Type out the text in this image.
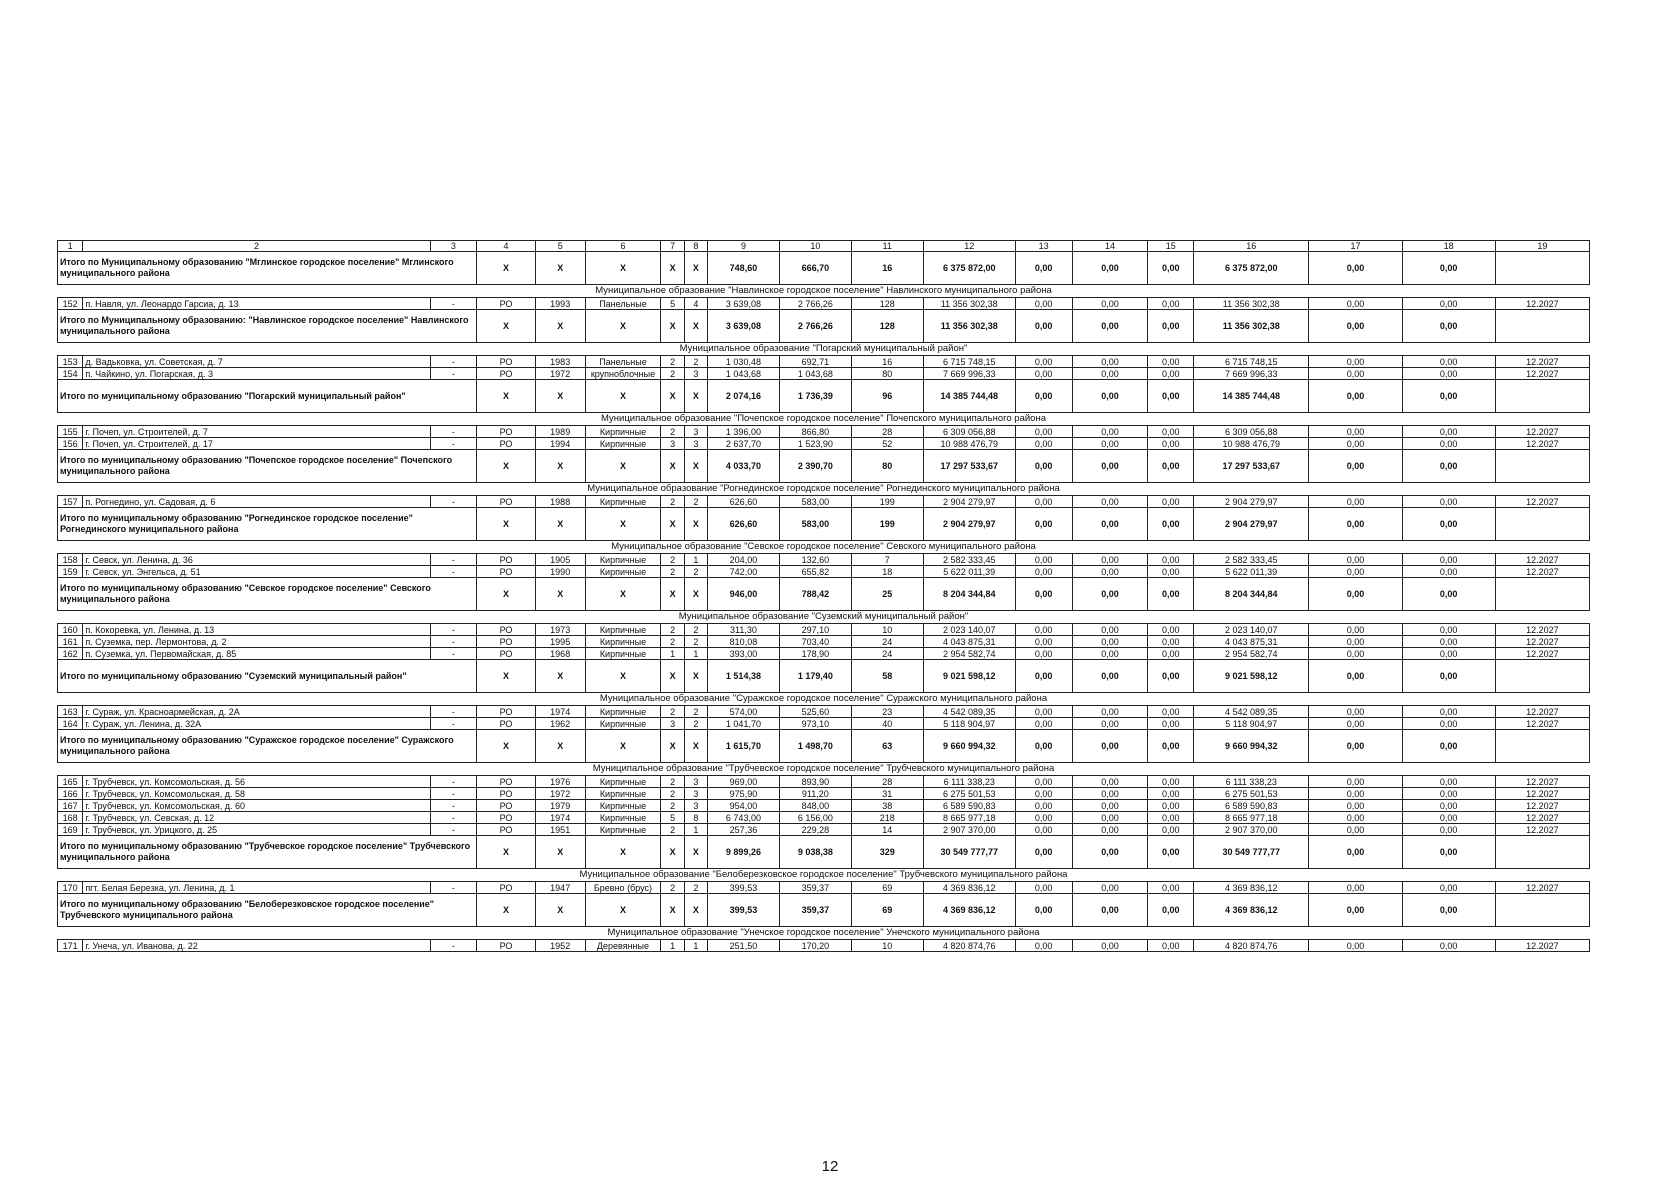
1	2	3	4	5	6	7	8	9	10	11	12	13	14	15	16	17	18	19
Итого по Муниципальному образованию "Мглинское городское поселение" Мглинского муниципального района			X	X	X	X	X	748,60	666,70	16	6 375 872,00	0,00	0,00	0,00	6 375 872,00	0,00	0,00	
Муниципальное образование "Навлинское городское поселение" Навлинского муниципального района																		
152	п. Навля, ул. Леонардо Гарсиа, д. 13	-	РО	1993	Панельные	5	4	3 639,08	2 766,26	128	11 356 302,38	0,00	0,00	0,00	11 356 302,38	0,00	0,00	12.2027
Итого по Муниципальному образованию: "Навлинское городское поселение" Навлинского муниципального района			X	X	X	X	X	3 639,08	2 766,26	128	11 356 302,38	0,00	0,00	0,00	11 356 302,38	0,00	0,00	
Муниципальное образование "Погарский муниципальный район"																		
153	д. Вадьковка, ул. Советская, д. 7	-	РО	1983	Панельные	2	2	1 030,48	692,71	16	6 715 748,15	0,00	0,00	0,00	6 715 748,15	0,00	0,00	12.2027
154	п. Чайкино, ул. Погарская, д. 3	-	РО	1972	крупноблочные	2	3	1 043,68	1 043,68	80	7 669 996,33	0,00	0,00	0,00	7 669 996,33	0,00	0,00	12.2027
Итого по муниципальному образованию "Погарский муниципальный район"			X	X	X	X	X	2 074,16	1 736,39	96	14 385 744,48	0,00	0,00	0,00	14 385 744,48	0,00	0,00	
Муниципальное образование "Почепское городское поселение" Почепского муниципального района																		
155	г. Почеп, ул. Строителей, д. 7	-	РО	1989	Кирпичные	2	3	1 396,00	866,80	28	6 309 056,88	0,00	0,00	0,00	6 309 056,88	0,00	0,00	12.2027
156	г. Почеп, ул. Строителей, д. 17	-	РО	1994	Кирпичные	3	3	2 637,70	1 523,90	52	10 988 476,79	0,00	0,00	0,00	10 988 476,79	0,00	0,00	12.2027
Итого по муниципальному образованию "Почепское городское поселение" Почепского муниципального района			X	X	X	X	X	4 033,70	2 390,70	80	17 297 533,67	0,00	0,00	0,00	17 297 533,67	0,00	0,00	
Муниципальное образование "Рогнединское городское поселение" Рогнединского муниципального района																		
157	п. Рогнедино, ул. Садовая, д. 6	-	РО	1988	Кирпичные	2	2	626,60	583,00	199	2 904 279,97	0,00	0,00	0,00	2 904 279,97	0,00	0,00	12.2027
Итого по муниципальному образованию "Рогнединское городское поселение" Рогнединского муниципального района			X	X	X	X	X	626,60	583,00	199	2 904 279,97	0,00	0,00	0,00	2 904 279,97	0,00	0,00	
Муниципальное образование "Севское городское поселение" Севского муниципального района																		
158	г. Севск, ул. Ленина, д. 36	-	РО	1905	Кирпичные	2	1	204,00	132,60	7	2 582 333,45	0,00	0,00	0,00	2 582 333,45	0,00	0,00	12.2027
159	г. Севск, ул. Энгельса, д. 51	-	РО	1990	Кирпичные	2	2	742,00	655,82	18	5 622 011,39	0,00	0,00	0,00	5 622 011,39	0,00	0,00	12.2027
Итого по муниципальному образованию "Севское городское поселение" Севского муниципального района			X	X	X	X	X	946,00	788,42	25	8 204 344,84	0,00	0,00	0,00	8 204 344,84	0,00	0,00	
Муниципальное образование "Суземский муниципальный район"																		
160	п. Кокоревка, ул. Ленина, д. 13	-	РО	1973	Кирпичные	2	2	311,30	297,10	10	2 023 140,07	0,00	0,00	0,00	2 023 140,07	0,00	0,00	12.2027
161	п. Суземка, пер. Лермонтова, д. 2	-	РО	1995	Кирпичные	2	2	810,08	703,40	24	4 043 875,31	0,00	0,00	0,00	4 043 875,31	0,00	0,00	12.2027
162	п. Суземка, ул. Первомайская, д. 85	-	РО	1968	Кирпичные	1	1	393,00	178,90	24	2 954 582,74	0,00	0,00	0,00	2 954 582,74	0,00	0,00	12.2027
Итого по муниципальному образованию "Суземский муниципальный район"			X	X	X	X	X	1 514,38	1 179,40	58	9 021 598,12	0,00	0,00	0,00	9 021 598,12	0,00	0,00	
Муниципальное образование "Суражское городское поселение" Суражского муниципального района																		
163	г. Сураж, ул. Красноармейская, д. 2А	-	РО	1974	Кирпичные	2	2	574,00	525,60	23	4 542 089,35	0,00	0,00	0,00	4 542 089,35	0,00	0,00	12.2027
164	г. Сураж, ул. Ленина, д. 32А	-	РО	1962	Кирпичные	3	2	1 041,70	973,10	40	5 118 904,97	0,00	0,00	0,00	5 118 904,97	0,00	0,00	12.2027
Итого по муниципальному образованию "Суражское городское поселение" Суражского муниципального района			X	X	X	X	X	1 615,70	1 498,70	63	9 660 994,32	0,00	0,00	0,00	9 660 994,32	0,00	0,00	
Муниципальное образование "Трубчевское городское поселение" Трубчевского муниципального района																		
165	г. Трубчевск, ул. Комсомольская, д. 56	-	РО	1976	Кирпичные	2	3	969,00	893,90	28	6 111 338,23	0,00	0,00	0,00	6 111 338,23	0,00	0,00	12.2027
166	г. Трубчевск, ул. Комсомольская, д. 58	-	РО	1972	Кирпичные	2	3	975,90	911,20	31	6 275 501,53	0,00	0,00	0,00	6 275 501,53	0,00	0,00	12.2027
167	г. Трубчевск, ул. Комсомольская, д. 60	-	РО	1979	Кирпичные	2	3	954,00	848,00	38	6 589 590,83	0,00	0,00	0,00	6 589 590,83	0,00	0,00	12.2027
168	г. Трубчевск, ул. Севская, д. 12	-	РО	1974	Кирпичные	5	8	6 743,00	6 156,00	218	8 665 977,18	0,00	0,00	0,00	8 665 977,18	0,00	0,00	12.2027
169	г. Трубчевск, ул. Урицкого, д. 25	-	РО	1951	Кирпичные	2	1	257,36	229,28	14	2 907 370,00	0,00	0,00	0,00	2 907 370,00	0,00	0,00	12.2027
Итого по муниципальному образованию "Трубчевское городское поселение" Трубчевского муниципального района			X	X	X	X	X	9 899,26	9 038,38	329	30 549 777,77	0,00	0,00	0,00	30 549 777,77	0,00	0,00	
Муниципальное образование "Белоберезковское городское поселение" Трубчевского муниципального района																		
170	пгт. Белая Березка, ул. Ленина, д. 1	-	РО	1947	Бревно (брус)	2	2	399,53	359,37	69	4 369 836,12	0,00	0,00	0,00	4 369 836,12	0,00	0,00	12.2027
Итого по муниципальному образованию "Белоберезковское городское поселение" Трубчевского муниципального района			X	X	X	X	X	399,53	359,37	69	4 369 836,12	0,00	0,00	0,00	4 369 836,12	0,00	0,00	
Муниципальное образование "Унечское городское поселение" Унечского муниципального района																		
171	г. Унеча, ул. Иванова, д. 22	-	РО	1952	Деревянные	1	1	251,50	170,20	10	4 820 874,76	0,00	0,00	0,00	4 820 874,76	0,00	0,00	12.2027
12
